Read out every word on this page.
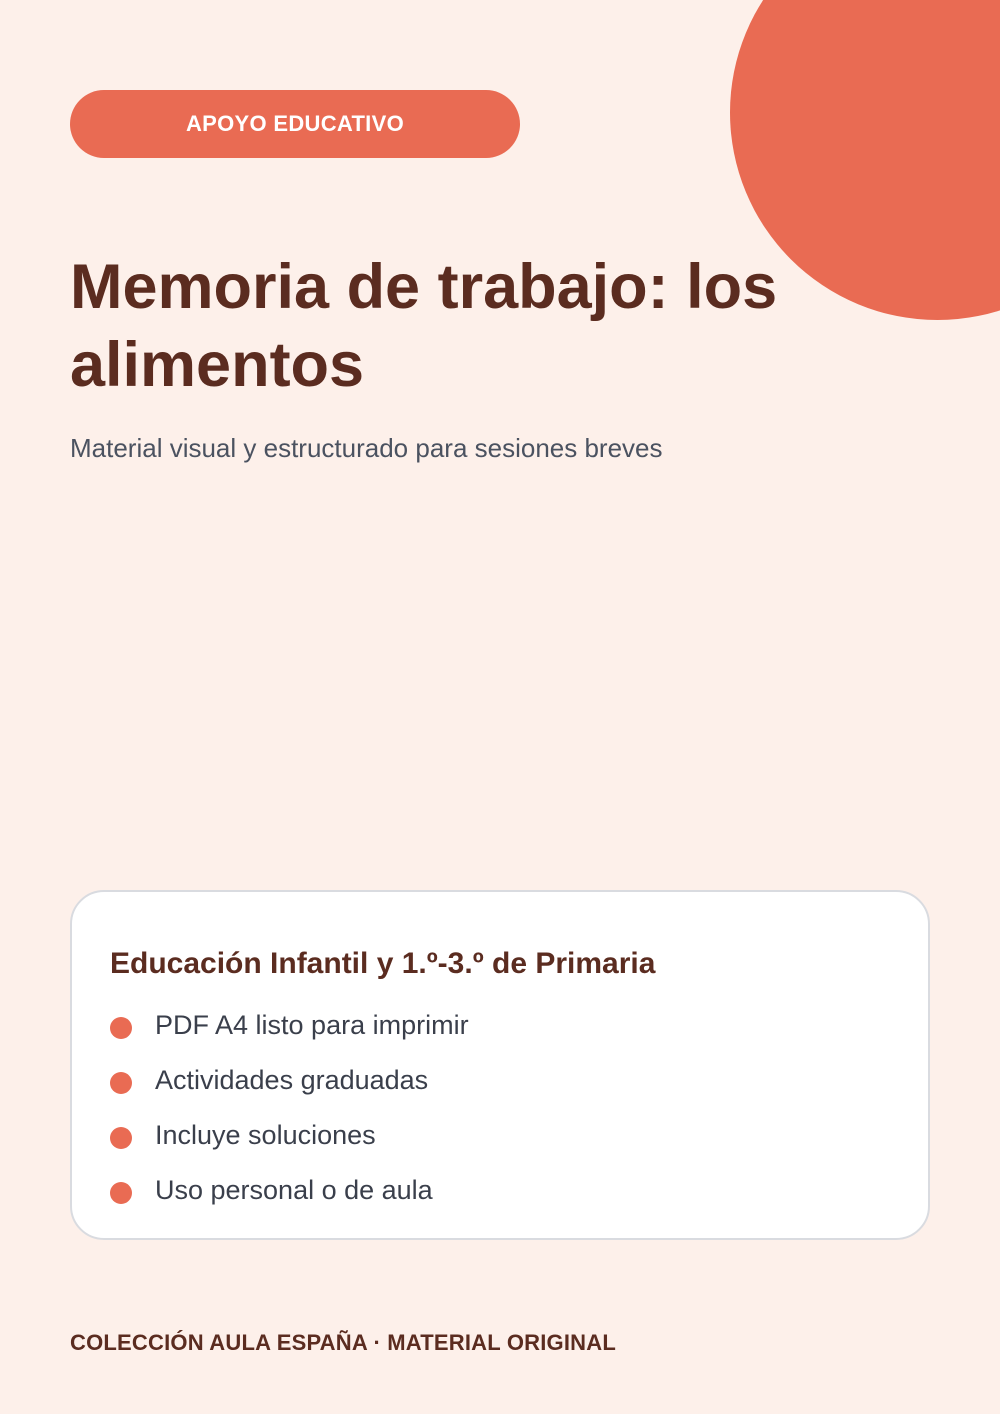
APOYO EDUCATIVO
Memoria de trabajo: los alimentos
Material visual y estructurado para sesiones breves
Educación Infantil y 1.º-3.º de Primaria
PDF A4 listo para imprimir
Actividades graduadas
Incluye soluciones
Uso personal o de aula
COLECCIÓN AULA ESPAÑA · MATERIAL ORIGINAL
